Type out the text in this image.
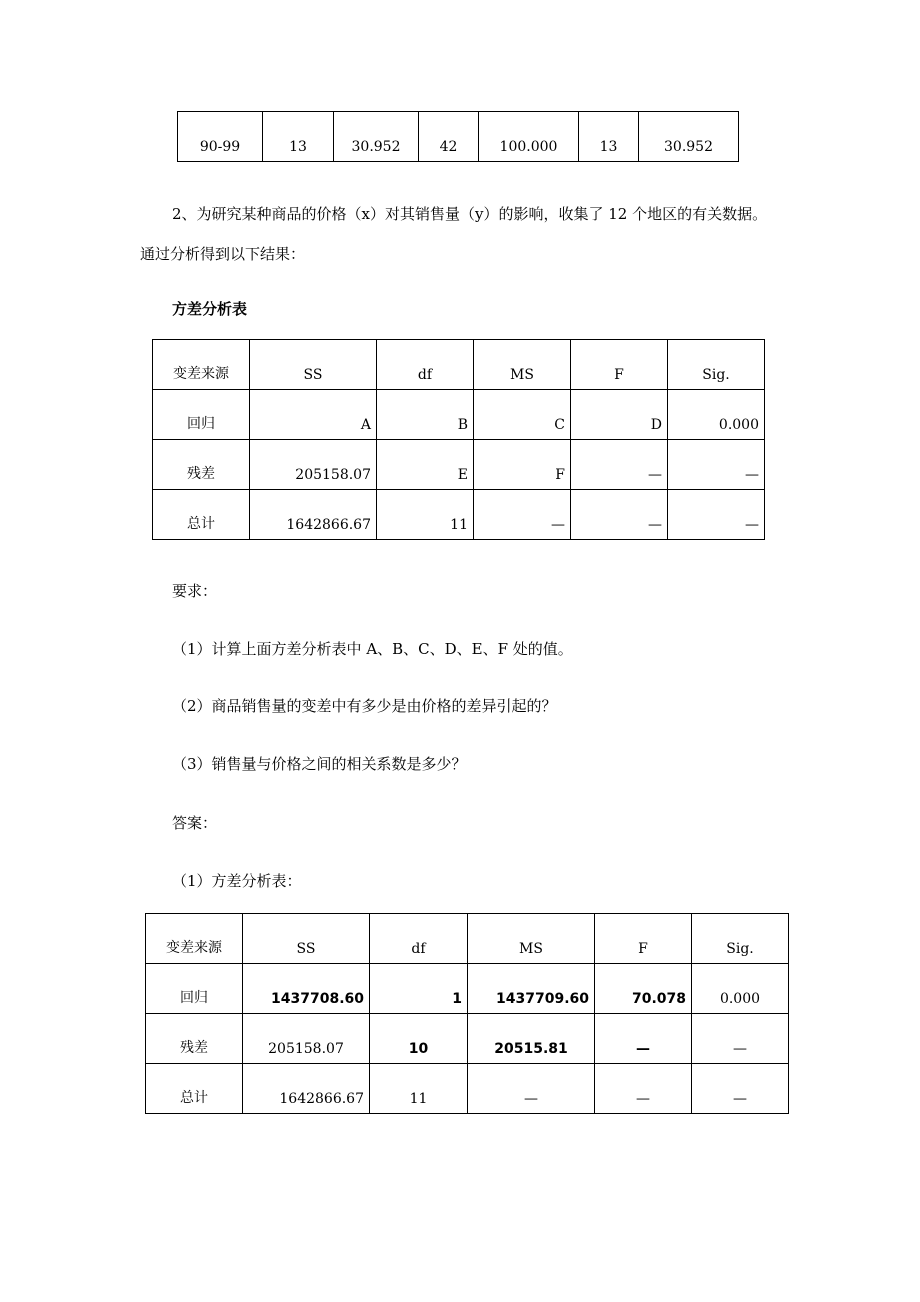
90-99	13	30.952	42	100.000	13	30.952

2、为研究某种商品的价格（x）对其销售量（y）的影响，收集了 12 个地区的有关数据。

通过分析得到以下结果：

方差分析表

变差来源	SS	df	MS	F	Sig.
回归	A	B	C	D	0.000
残差	205158.07	E	F	—	—
总计	1642866.67	11	—	—	—

要求：

（1）计算上面方差分析表中 A、B、C、D、E、F 处的值。

（2）商品销售量的变差中有多少是由价格的差异引起的？

（3）销售量与价格之间的相关系数是多少？

答案：

（1）方差分析表：

变差来源	SS	df	MS	F	Sig.
回归	1437708.60	1	1437709.60	70.078	0.000
残差	205158.07	10	20515.81	—	—
总计	1642866.67	11	—	—	—
